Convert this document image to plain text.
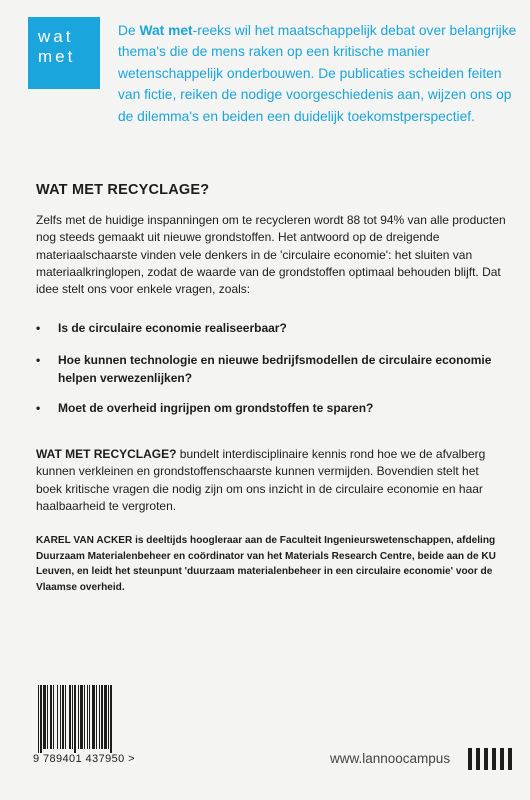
wat
met

De Wat met-reeks wil het maatschappelijk debat over belangrijke thema's die de mens raken op een kritische manier wetenschappelijk onderbouwen. De publicaties scheiden feiten van fictie, reiken de nodige voorgeschiedenis aan, wijzen ons op de dilemma's en beiden een duidelijk toekomstperspectief.

WAT MET RECYCLAGE?

Zelfs met de huidige inspanningen om te recycleren wordt 88 tot 94% van alle producten nog steeds gemaakt uit nieuwe grondstoffen. Het antwoord op de dreigende materiaalschaarste vinden vele denkers in de 'circulaire economie': het sluiten van materiaalkringlopen, zodat de waarde van de grondstoffen optimaal behouden blijft. Dat idee stelt ons voor enkele vragen, zoals:

• Is de circulaire economie realiseerbaar?
• Hoe kunnen technologie en nieuwe bedrijfsmodellen de circulaire economie helpen verwezenlijken?
• Moet de overheid ingrijpen om grondstoffen te sparen?

WAT MET RECYCLAGE? bundelt interdisciplinaire kennis rond hoe we de afvalberg kunnen verkleinen en grondstoffenschaarste kunnen vermijden. Bovendien stelt het boek kritische vragen die nodig zijn om ons inzicht in de circulaire economie en haar haalbaarheid te vergroten.

KAREL VAN ACKER is deeltijds hoogleraar aan de Faculteit Ingenieurswetenschappen, afdeling Duurzaam Materialenbeheer en coördinator van het Materials Research Centre, beide aan de KU Leuven, en leidt het steunpunt 'duurzaam materialenbeheer in een circulaire economie' voor de Vlaamse overheid.

9 789401 437950 >	www.lannoocampus
